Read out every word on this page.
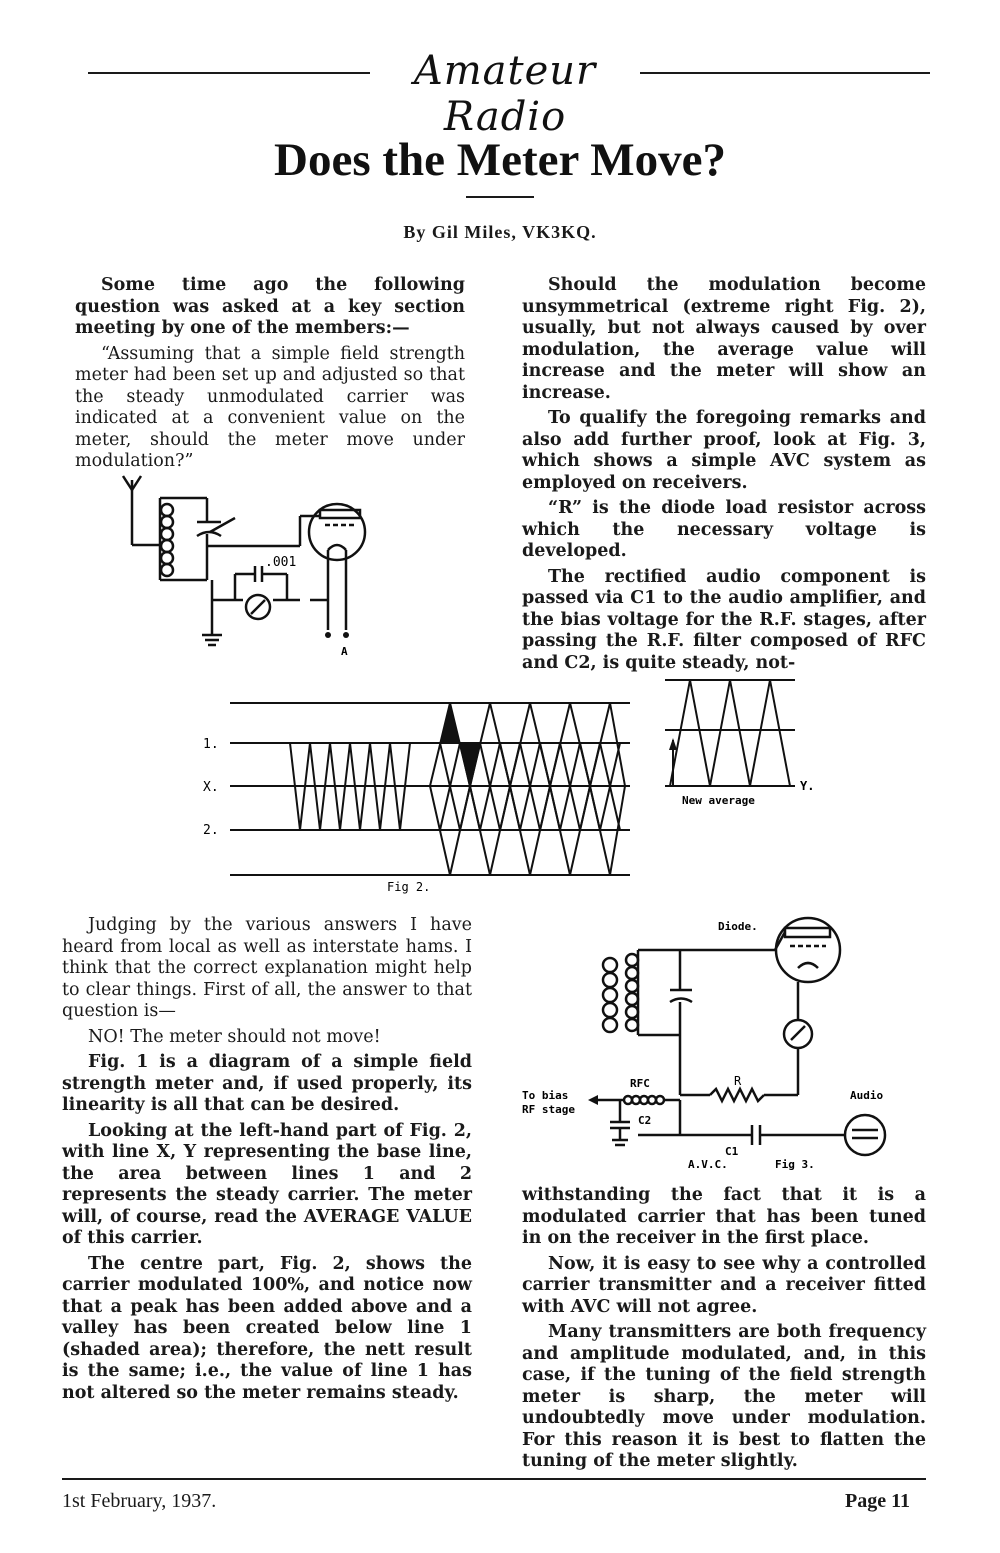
Amateur Radio
Does the Meter Move?
By Gil Miles, VK3KQ.

Some time ago the following question was asked at a key section meeting by one of the members:—

“Assuming that a simple field strength meter had been set up and adjusted so that the steady unmodulated carrier was indicated at a convenient value on the meter, should the meter move under modulation?”

Should the modulation become unsymmetrical (extreme right Fig. 2), usually, but not always caused by over modulation, the average value will increase and the meter will show an increase.

To qualify the foregoing remarks and also add further proof, look at Fig. 3, which shows a simple AVC system as employed on receivers.

“R” is the diode load resistor across which the necessary voltage is developed.

The rectified audio component is passed via C1 to the audio amplifier, and the bias voltage for the R.F. stages, after passing the R.F. filter composed of RFC and C2, is quite steady, not-

.001
A
1.
X.
2.
Y.
New average
Fig 2.

Judging by the various answers I have heard from local as well as interstate hams. I think that the correct explanation might help to clear things. First of all, the answer to that question is—

NO! The meter should not move!

Fig. 1 is a diagram of a simple field strength meter and, if used properly, its linearity is all that can be desired.

Looking at the left-hand part of Fig. 2, with line X, Y representing the base line, the area between lines 1 and 2 represents the steady carrier. The meter will, of course, read the AVERAGE VALUE of this carrier.

The centre part, Fig. 2, shows the carrier modulated 100%, and notice now that a peak has been added above and a valley has been created below line 1 (shaded area); therefore, the nett result is the same; i.e., the value of line 1 has not altered so the meter remains steady.

Diode.
RFC	R
C2
C1
A.V.C.	Fig 3.
To bias
RF stage
Audio

withstanding the fact that it is a modulated carrier that has been tuned in on the receiver in the first place.

Now, it is easy to see why a controlled carrier transmitter and a receiver fitted with AVC will not agree.

Many transmitters are both frequency and amplitude modulated, and, in this case, if the tuning of the field strength meter is sharp, the meter will undoubtedly move under modulation. For this reason it is best to flatten the tuning of the meter slightly.

1st February, 1937.	Page 11
